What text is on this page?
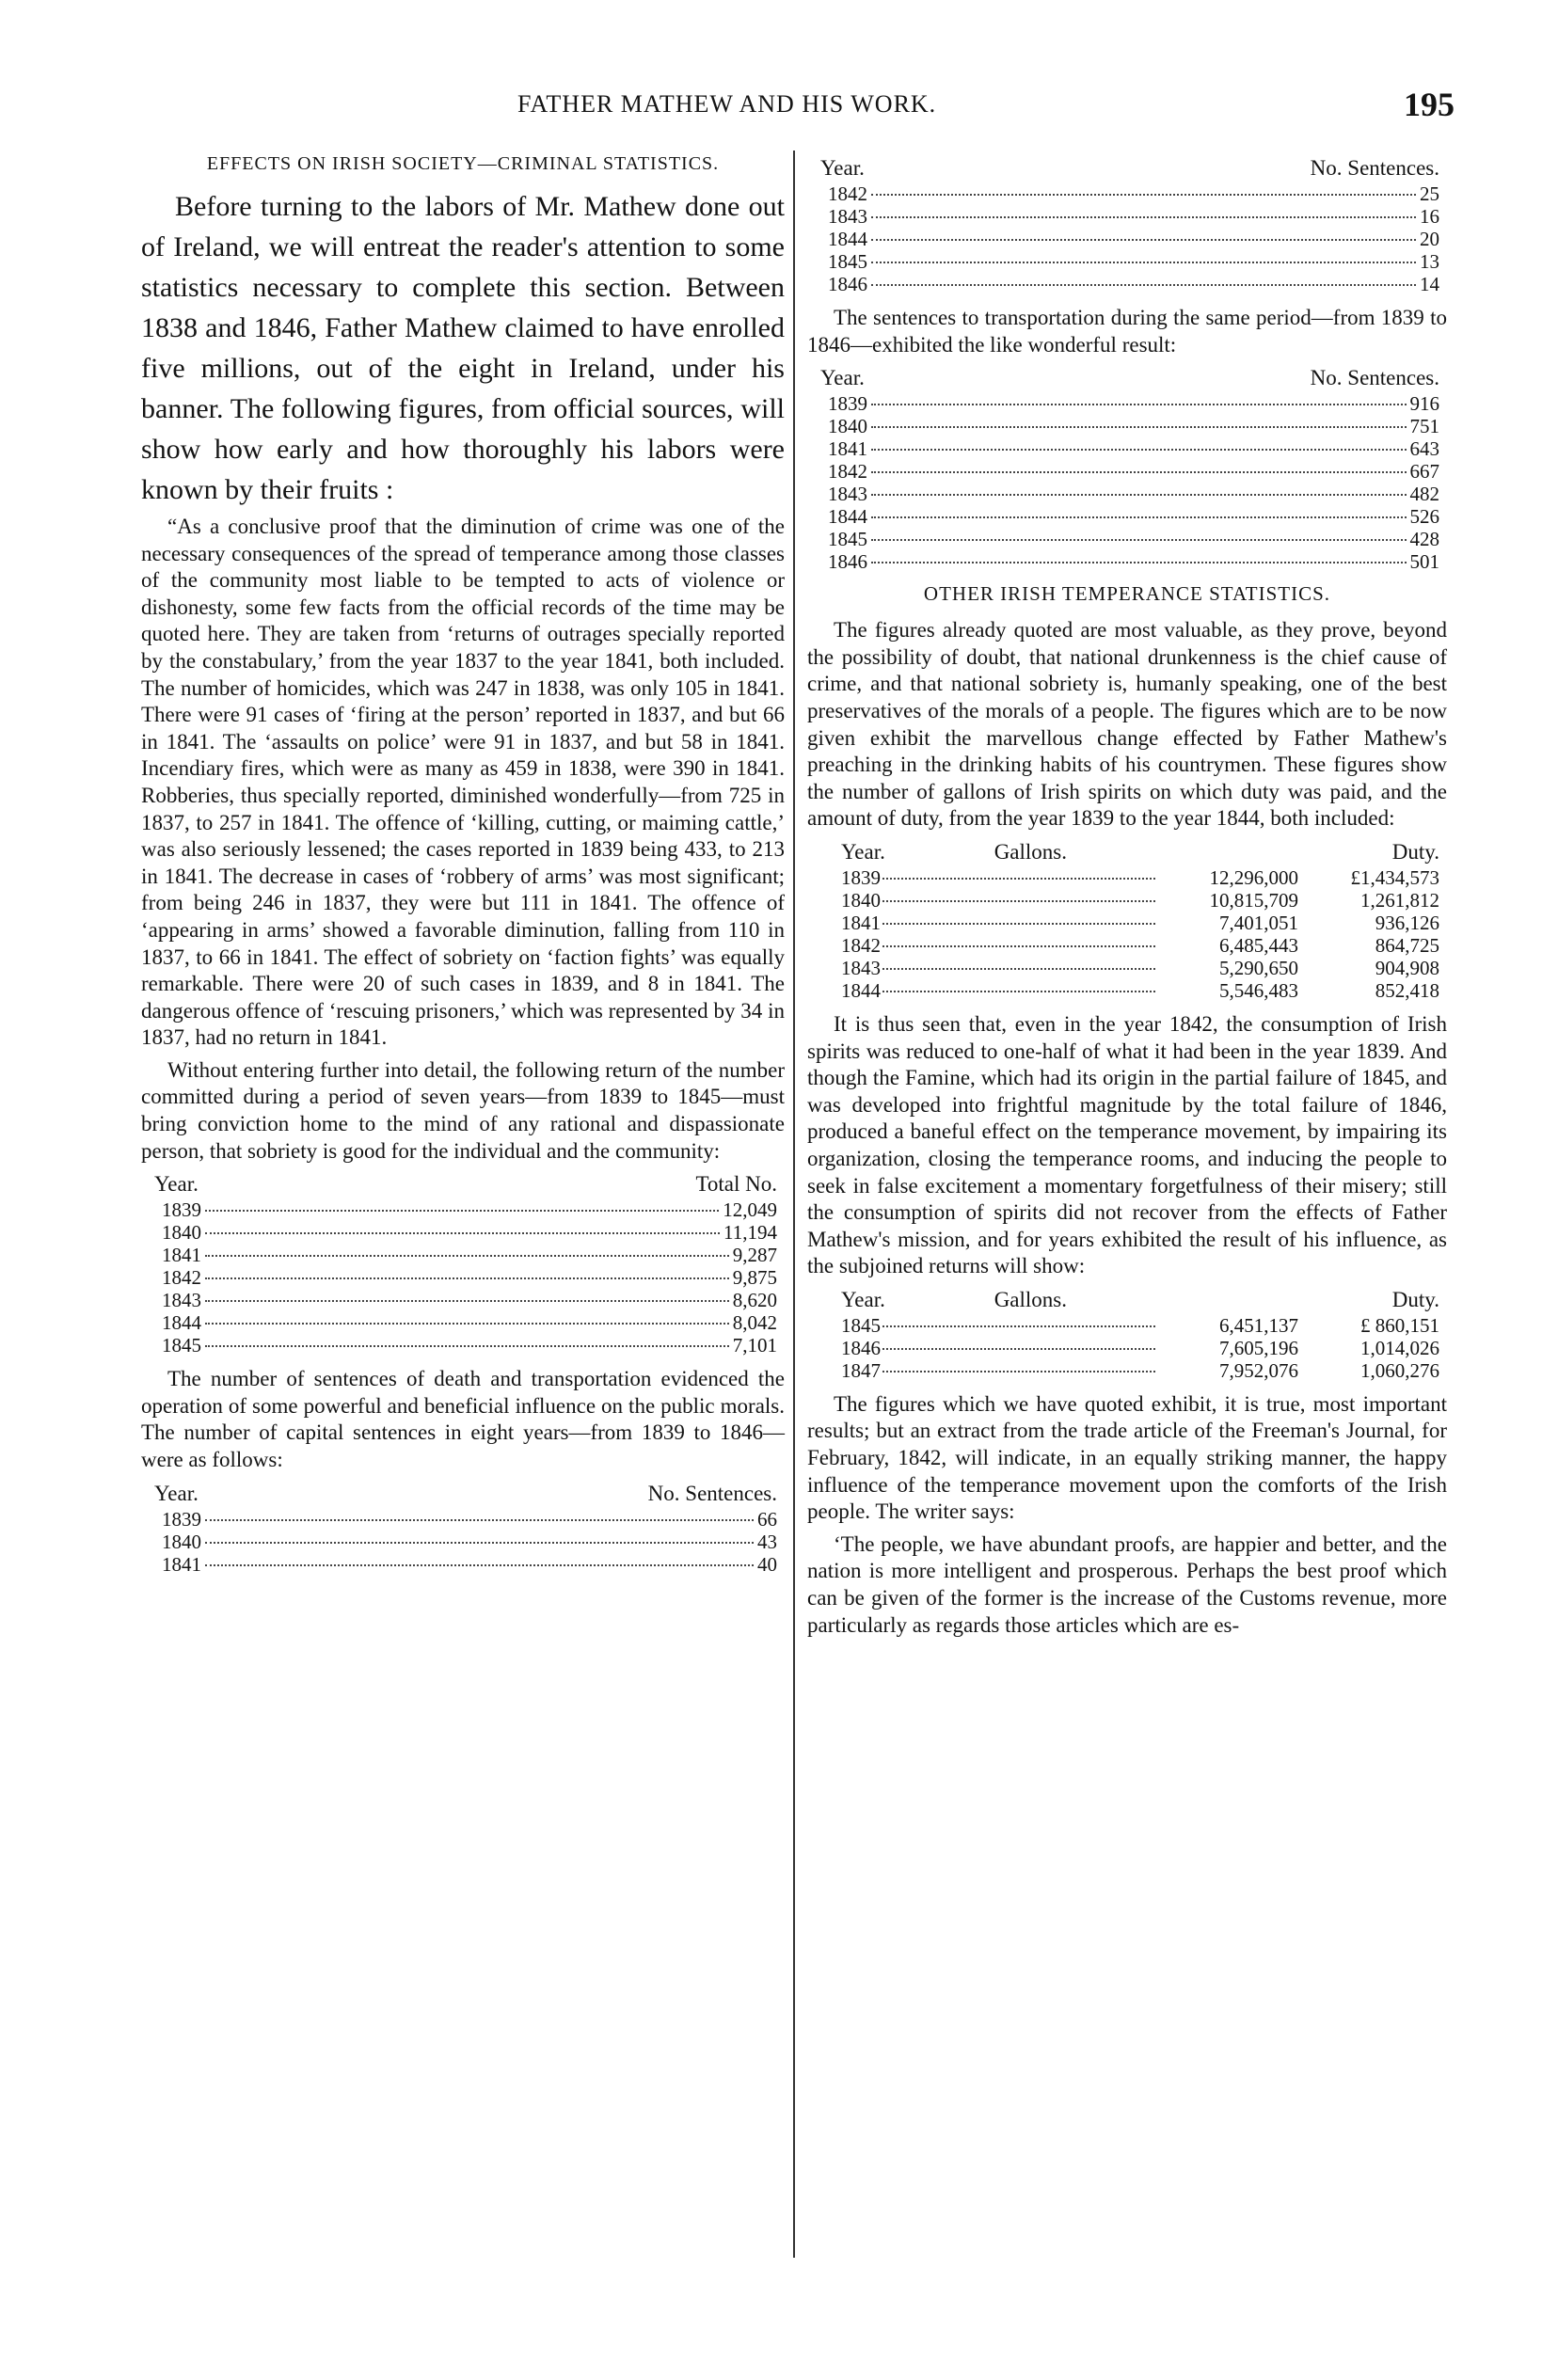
FATHER MATHEW AND HIS WORK.	195
EFFECTS ON IRISH SOCIETY—CRIMINAL STATISTICS.

Before turning to the labors of Mr. Mathew done out of Ireland, we will entreat the reader's attention to some statistics necessary to complete this section. Between 1838 and 1846, Father Mathew claimed to have enrolled five millions, out of the eight in Ireland, under his banner. The following figures, from official sources, will show how early and how thoroughly his labors were known by their fruits :

“As a conclusive proof that the diminution of crime was one of the necessary consequences of the spread of temperance among those classes of the community most liable to be tempted to acts of violence or dishonesty, some few facts from the official records of the time may be quoted here. They are taken from ‘returns of outrages specially reported by the constabulary,’ from the year 1837 to the year 1841, both included. The number of homicides, which was 247 in 1838, was only 105 in 1841. There were 91 cases of ‘firing at the person’ reported in 1837, and but 66 in 1841. The ‘assaults on police’ were 91 in 1837, and but 58 in 1841. Incendiary fires, which were as many as 459 in 1838, were 390 in 1841. Robberies, thus specially reported, diminished wonderfully—from 725 in 1837, to 257 in 1841. The offence of ‘killing, cutting, or maiming cattle,’ was also seriously lessened; the cases reported in 1839 being 433, to 213 in 1841. The decrease in cases of ‘robbery of arms’ was most significant; from being 246 in 1837, they were but 111 in 1841. The offence of ‘appearing in arms’ showed a favorable diminution, falling from 110 in 1837, to 66 in 1841. The effect of sobriety on ‘faction fights’ was equally remarkable. There were 20 of such cases in 1839, and 8 in 1841. The dangerous offence of ‘rescuing prisoners,’ which was represented by 34 in 1837, had no return in 1841.

Without entering further into detail, the following return of the number committed during a period of seven years—from 1839 to 1845—must bring conviction home to the mind of any rational and dispassionate person, that sobriety is good for the individual and the community:

Year.	Total No.
1839	12,049
1840	11,194
1841	9,287
1842	9,875
1843	8,620
1844	8,042
1845	7,101

The number of sentences of death and transportation evidenced the operation of some powerful and beneficial influence on the public morals. The number of capital sentences in eight years—from 1839 to 1846—were as follows:

Year.	No. Sentences.
1839	66
1840	43
1841	40
Year.	No. Sentences.
1842	25
1843	16
1844	20
1845	13
1846	14

The sentences to transportation during the same period—from 1839 to 1846—exhibited the like wonderful result:

Year.	No. Sentences.
1839	916
1840	751
1841	643
1842	667
1843	482
1844	526
1845	428
1846	501
OTHER IRISH TEMPERANCE STATISTICS.

The figures already quoted are most valuable, as they prove, beyond the possibility of doubt, that national drunkenness is the chief cause of crime, and that national sobriety is, humanly speaking, one of the best preservatives of the morals of a people. The figures which are to be now given exhibit the marvellous change effected by Father Mathew's preaching in the drinking habits of his countrymen. These figures show the number of gallons of Irish spirits on which duty was paid, and the amount of duty, from the year 1839 to the year 1844, both included:

Year.	Gallons.	Duty.
1839	12,296,000	£1,434,573
1840	10,815,709	1,261,812
1841	7,401,051	936,126
1842	6,485,443	864,725
1843	5,290,650	904,908
1844	5,546,483	852,418

It is thus seen that, even in the year 1842, the consumption of Irish spirits was reduced to one-half of what it had been in the year 1839. And though the Famine, which had its origin in the partial failure of 1845, and was developed into frightful magnitude by the total failure of 1846, produced a baneful effect on the temperance movement, by impairing its organization, closing the temperance rooms, and inducing the people to seek in false excitement a momentary forgetfulness of their misery; still the consumption of spirits did not recover from the effects of Father Mathew's mission, and for years exhibited the result of his influence, as the subjoined returns will show:

Year.	Gallons.	Duty.
1845	6,451,137	£ 860,151
1846	7,605,196	1,014,026
1847	7,952,076	1,060,276

The figures which we have quoted exhibit, it is true, most important results; but an extract from the trade article of the Freeman's Journal, for February, 1842, will indicate, in an equally striking manner, the happy influence of the temperance movement upon the comforts of the Irish people. The writer says:

‘The people, we have abundant proofs, are happier and better, and the nation is more intelligent and prosperous. Perhaps the best proof which can be given of the former is the increase of the Customs revenue, more particularly as regards those articles which are es-
